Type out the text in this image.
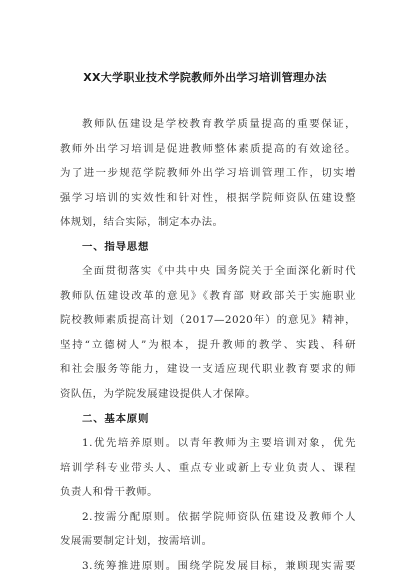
XX大学职业技术学院教师外出学习培训管理办法
教师队伍建设是学校教育教学质量提高的重要保证，
教师外出学习培训是促进教师整体素质提高的有效途径。
为了进一步规范学院教师外出学习培训管理工作，切实增
强学习培训的实效性和针对性，根据学院师资队伍建设整
体规划，结合实际，制定本办法。
一、指导思想
全面贯彻落实《中共中央 国务院关于全面深化新时代
教师队伍建设改革的意见》《教育部 财政部关于实施职业
院校教师素质提高计划（2017—2020年）的意见》精神，
坚持“立德树人”为根本，提升教师的教学、实践、科研
和社会服务等能力，建设一支适应现代职业教育要求的师
资队伍，为学院发展建设提供人才保障。
二、基本原则
1.优先培养原则。以青年教师为主要培训对象，优先
培训学科专业带头人、重点专业或新上专业负责人、课程
负责人和骨干教师。
2.按需分配原则。依据学院师资队伍建设及教师个人
发展需要制定计划，按需培训。
3.统筹推进原则。围绕学院发展目标，兼顾现实需要
